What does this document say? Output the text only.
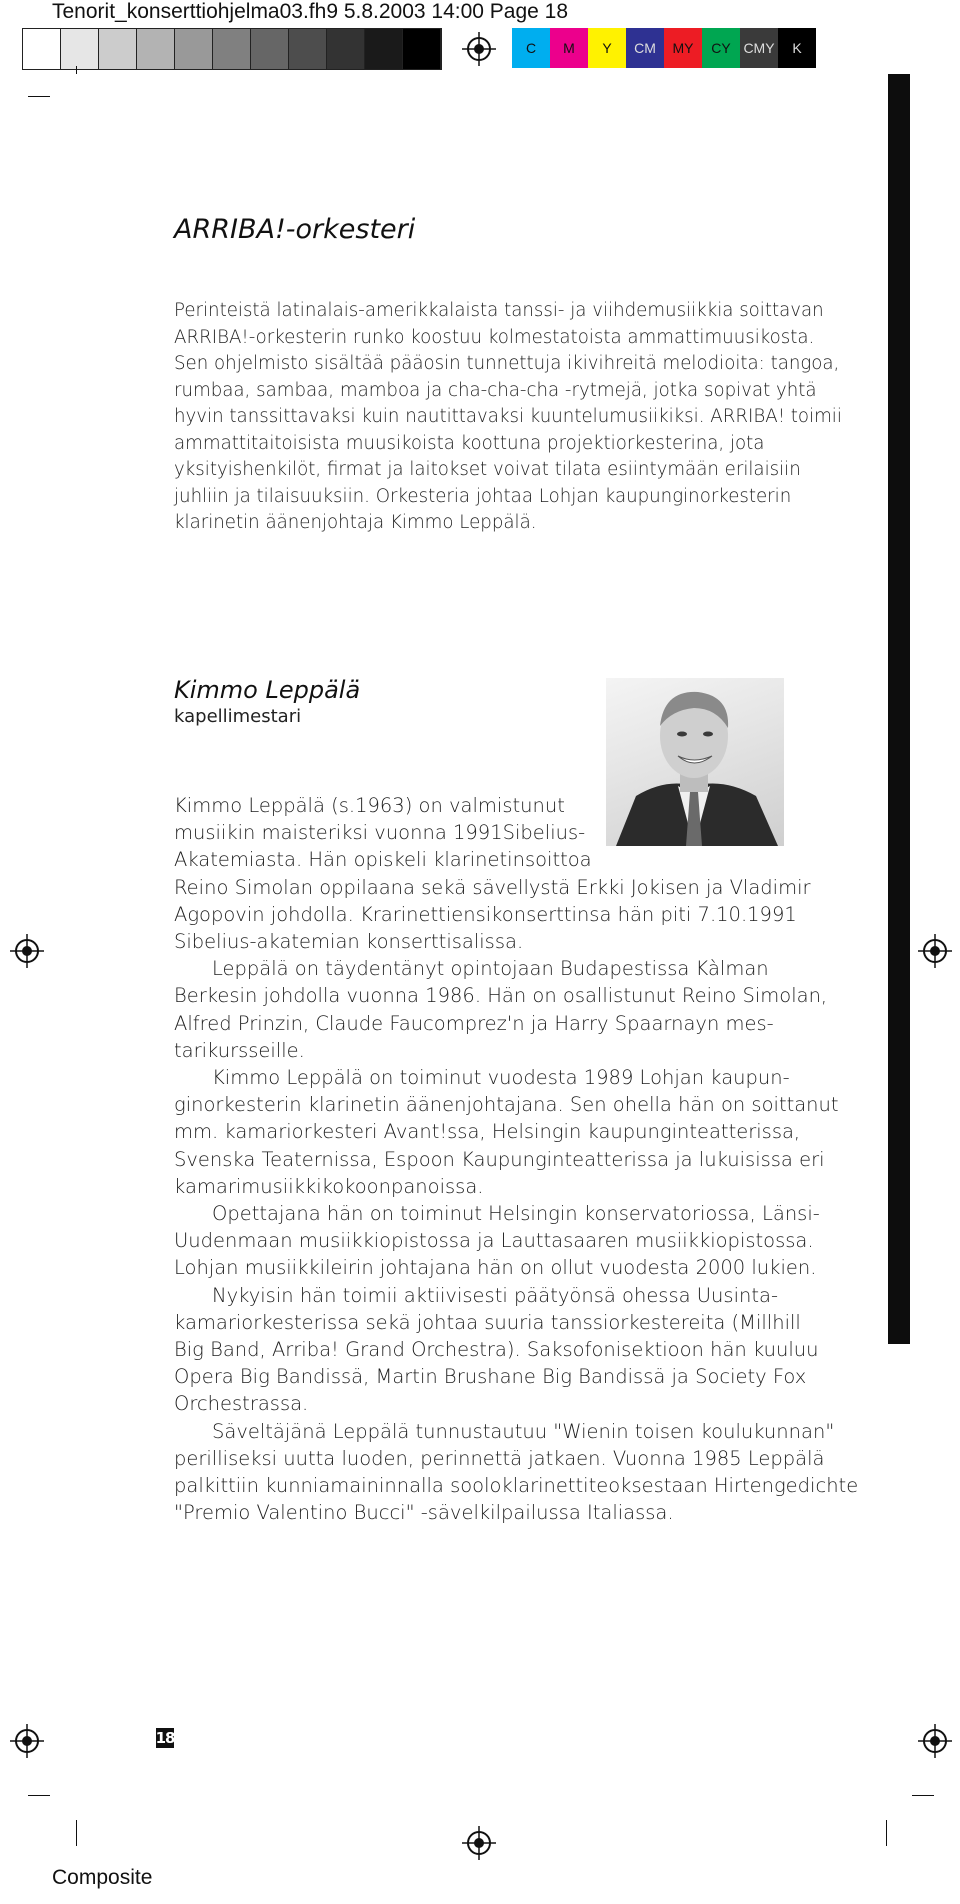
Tenorit_konserttiohjelma03.fh9 5.8.2003 14:00 Page 18
C	M	Y	CM	MY	CY CMY	K
ARRIBA!-orkesteri
Perinteistä latinalais-amerikkalaista tanssi- ja viihdemusiikkia soittavan
ARRIBA!-orkesterin runko koostuu kolmestatoista ammattimuusikosta.
Sen ohjelmisto sisältää pääosin tunnettuja ikivihreitä melodioita: tangoa,
rumbaa, sambaa, mamboa ja cha-cha-cha -rytmejä, jotka sopivat yhtä
hyvin tanssittavaksi kuin nautittavaksi kuuntelumusiikiksi. ARRIBA! toimii
ammattitaitoisista muusikoista koottuna projektiorkesterina, jota
yksityishenkilöt, firmat ja laitokset voivat tilata esiintymään erilaisiin
juhliin ja tilaisuuksiin. Orkesteria johtaa Lohjan kaupunginorkesterin
klarinetin äänenjohtaja Kimmo Leppälä.
Kimmo Leppälä
kapellimestari
Kimmo Leppälä (s.1963) on valmistunut
musiikin maisteriksi vuonna 1991Sibelius-
Akatemiasta. Hän opiskeli klarinetinsoittoa
Reino Simolan oppilaana sekä sävellystä Erkki Jokisen ja Vladimir
Agopovin johdolla. Krarinettiensikonserttinsa hän piti 7.10.1991
Sibelius-akatemian konserttisalissa.
Leppälä on täydentänyt opintojaan Budapestissa Kàlman
Berkesin johdolla vuonna 1986. Hän on osallistunut Reino Simolan,
Alfred Prinzin, Claude Faucomprez'n ja Harry Spaarnayn mes-
tarikursseille.
Kimmo Leppälä on toiminut vuodesta 1989 Lohjan kaupun-
ginorkesterin klarinetin äänenjohtajana. Sen ohella hän on soittanut
mm. kamariorkesteri Avant!ssa, Helsingin kaupunginteatterissa,
Svenska Teaternissa, Espoon Kaupunginteatterissa ja lukuisissa eri
kamarimusiikkikokoonpanoissa.
Opettajana hän on toiminut Helsingin konservatoriossa, Länsi-
Uudenmaan musiikkiopistossa ja Lauttasaaren musiikkiopistossa.
Lohjan musiikkileirin johtajana hän on ollut vuodesta 2000 lukien.
Nykyisin hän toimii aktiivisesti päätyönsä ohessa Uusinta-
kamariorkesterissa sekä johtaa suuria tanssiorkestereita (Millhill
Big Band, Arriba! Grand Orchestra). Saksofonisektioon hän kuuluu
Opera Big Bandissä, Martin Brushane Big Bandissä ja Society Fox
Orchestrassa.
Säveltäjänä Leppälä tunnustautuu "Wienin toisen koulukunnan"
perilliseksi uutta luoden, perinnettä jatkaen. Vuonna 1985 Leppälä
palkittiin kunniamaininnalla sooloklarinettiteoksestaan Hirtengedichte
"Premio Valentino Bucci" -sävelkilpailussa Italiassa.
18
Composite
